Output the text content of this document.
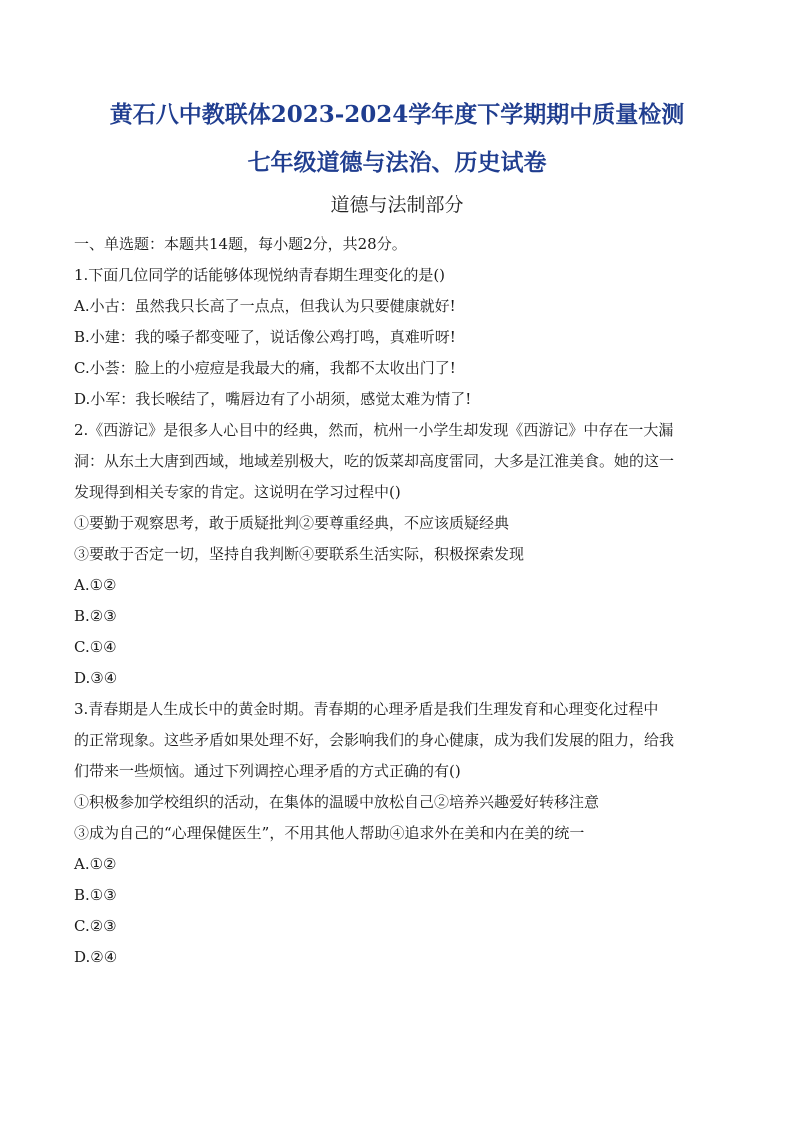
黄石八中教联体2023-2024学年度下学期期中质量检测
七年级道德与法治、历史试卷
道德与法制部分

一、单选题：本题共14题，每小题2分，共28分。

1.下面几位同学的话能够体现悦纳青春期生理变化的是()

A.小古：虽然我只长高了一点点，但我认为只要健康就好!

B.小建：我的嗓子都变哑了，说话像公鸡打鸣，真难听呀!

C.小荟：脸上的小痘痘是我最大的痛，我都不太收出门了!

D.小军：我长喉结了，嘴唇边有了小胡须，感觉太难为情了!

2.《西游记》是很多人心目中的经典，然而，杭州一小学生却发现《西游记》中存在一大漏

洞：从东土大唐到西域，地域差别极大，吃的饭菜却高度雷同，大多是江淮美食。她的这一

发现得到相关专家的肯定。这说明在学习过程中()

①要勤于观察思考，敢于质疑批判②要尊重经典，不应该质疑经典

③要敢于否定一切，坚持自我判断④要联系生活实际，积极探索发现

A.①②

B.②③

C.①④

D.③④

3.青春期是人生成长中的黄金时期。青春期的心理矛盾是我们生理发育和心理变化过程中

的正常现象。这些矛盾如果处理不好，会影响我们的身心健康，成为我们发展的阻力，给我

们带来一些烦恼。通过下列调控心理矛盾的方式正确的有()

①积极参加学校组织的活动，在集体的温暖中放松自己②培养兴趣爱好转移注意

③成为自己的“心理保健医生”，不用其他人帮助④追求外在美和内在美的统一

A.①②

B.①③

C.②③

D.②④
